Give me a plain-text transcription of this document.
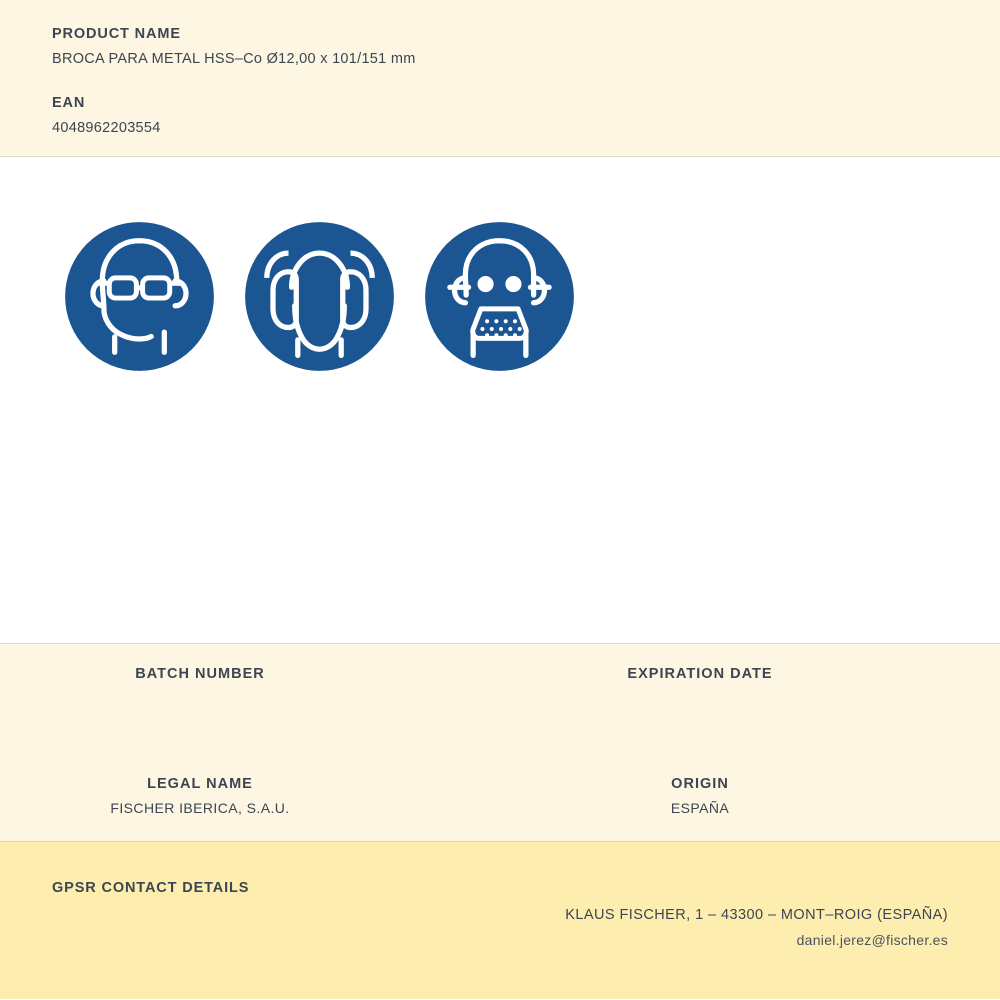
PRODUCT NAME

BROCA PARA METAL HSS–Co Ø12,00 x 101/151 mm

EAN

4048962203554

BATCH NUMBER	EXPIRATION DATE

LEGAL NAME

FISCHER IBERICA, S.A.U.

ORIGIN

ESPAÑA

GPSR CONTACT DETAILS

KLAUS FISCHER, 1 – 43300 – MONT–ROIG (ESPAÑA)

daniel.jerez@fischer.es
